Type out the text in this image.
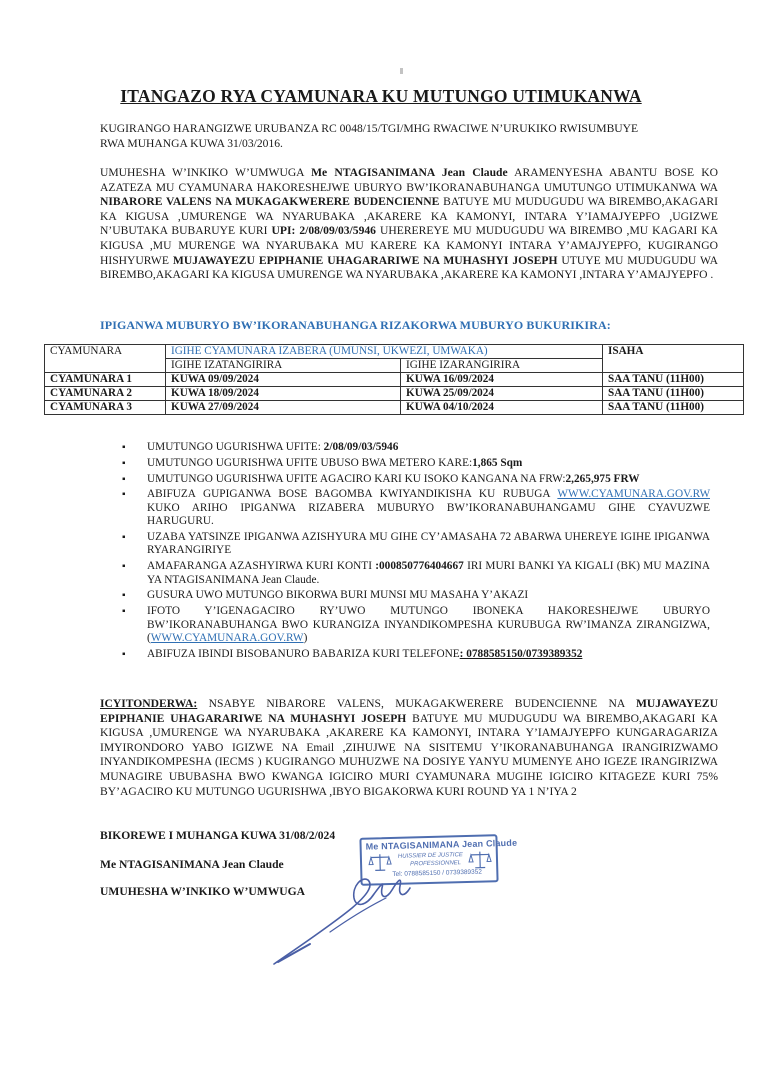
ITANGAZO RYA CYAMUNARA KU MUTUNGO UTIMUKANWA
KUGIRANGO HARANGIZWE URUBANZA RC 0048/15/TGI/MHG RWACIWE N’URUKIKO RWISUMBUYE
RWA MUHANGA KUWA 31/03/2016.
UMUHESHA W’INKIKO W’UMWUGA Me NTAGISANIMANA Jean Claude ARAMENYESHA ABANTU BOSE KO AZATEZA MU CYAMUNARA HAKORESHEJWE UBURYO BW’IKORANABUHANGA UMUTUNGO UTIMUKANWA WA NIBARORE VALENS NA MUKAGAKWERERE BUDENCIENNE BATUYE MU MUDUGUDU WA BIREMBO,AKAGARI KA KIGUSA ,UMURENGE WA NYARUBAKA ,AKARERE KA KAMONYI, INTARA Y’IAMAJYEPFO ,UGIZWE N’UBUTAKA BUBARUYE KURI UPI: 2/08/09/03/5946 UHEREREYE MU MUDUGUDU WA BIREMBO ,MU KAGARI KA KIGUSA ,MU MURENGE WA NYARUBAKA MU KARERE KA KAMONYI INTARA Y’AMAJYEPFO, KUGIRANGO HISHYURWE MUJAWAYEZU EPIPHANIE UHAGARARIWE NA MUHASHYI JOSEPH UTUYE MU MUDUGUDU WA BIREMBO,AKAGARI KA KIGUSA UMURENGE WA NYARUBAKA ,AKARERE KA KAMONYI ,INTARA Y’AMAJYEPFO .
IPIGANWA MUBURYO BW’IKORANABUHANGA RIZAKORWA MUBURYO BUKURIKIRA:
CYAMUNARA	IGIHE CYAMUNARA IZABERA (UMUNSI, UKWEZI, UMWAKA)		ISAHA
	IGIHE IZATANGIRIRA	IGIHE IZARANGIRIRA	
CYAMUNARA 1	KUWA 09/09/2024	KUWA 16/09/2024	SAA TANU (11H00)
CYAMUNARA 2	KUWA 18/09/2024	KUWA 25/09/2024	SAA TANU (11H00)
CYAMUNARA 3	KUWA 27/09/2024	KUWA 04/10/2024	SAA TANU (11H00)
▪ UMUTUNGO UGURISHWA UFITE: 2/08/09/03/5946
▪ UMUTUNGO UGURISHWA UFITE UBUSO BWA METERO KARE:1,865 Sqm
▪ UMUTUNGO UGURISHWA UFITE AGACIRO KARI KU ISOKO KANGANA NA FRW:2,265,975 FRW
▪ ABIFUZA GUPIGANWA BOSE BAGOMBA KWIYANDIKISHA KU RUBUGA WWW.CYAMUNARA.GOV.RW KUKO ARIHO IPIGANWA RIZABERA MUBURYO BW’IKORANABUHANGAMU GIHE CYAVUZWE HARUGURU.
▪ UZABA YATSINZE IPIGANWA AZISHYURA MU GIHE CY’AMASAHA 72 ABARWA UHEREYE IGIHE IPIGANWA RYARANGIRIYE
▪ AMAFARANGA AZASHYIRWA KURI KONTI :000850776404667 IRI MURI BANKI YA KIGALI (BK) MU MAZINA YA NTAGISANIMANA Jean Claude.
▪ GUSURA UWO MUTUNGO BIKORWA BURI MUNSI MU MASAHA Y’AKAZI
▪ IFOTO Y’IGENAGACIRO RY’UWO MUTUNGO IBONEKA HAKORESHEJWE UBURYO BW’IKORANABUHANGA BWO KURANGIZA INYANDIKOMPESHA KURUBUGA RW’IMANZA ZIRANGIZWA, (WWW.CYAMUNARA.GOV.RW)
▪ ABIFUZA IBINDI BISOBANURO BABARIZA KURI TELEFONE: 0788585150/0739389352
ICYITONDERWA: NSABYE NIBARORE VALENS, MUKAGAKWERERE BUDENCIENNE NA MUJAWAYEZU EPIPHANIE UHAGARARIWE NA MUHASHYI JOSEPH BATUYE MU MUDUGUDU WA BIREMBO,AKAGARI KA KIGUSA ,UMURENGE WA NYARUBAKA ,AKARERE KA KAMONYI, INTARA Y’IAMAJYEPFO KUNGARAGARIZA IMYIRONDORO YABO IGIZWE NA Email ,ZIHUJWE NA SISITEMU Y’IKORANABUHANGA IRANGIRIZWAMO INYANDIKOMPESHA (IECMS ) KUGIRANGO MUHUZWE NA DOSIYE YANYU MUMENYE AHO IGEZE IRANGIRIZWA MUNAGIRE UBUBASHA BWO KWANGA IGICIRO MURI CYAMUNARA MUGIHE IGICIRO KITAGEZE KURI 75% BY’AGACIRO KU MUTUNGO UGURISHWA ,IBYO BIGAKORWA KURI ROUND YA 1 N’IYA 2
BIKOREWE I MUHANGA KUWA 31/08/2/024
Me NTAGISANIMANA Jean Claude
UMUHESHA W’INKIKO W’UMWUGA
Me NTAGISANIMANA Jean Claude
HUISSIER DE JUSTICE
PROFESSIONNEL
Tel: 0788585150 / 0739389352
